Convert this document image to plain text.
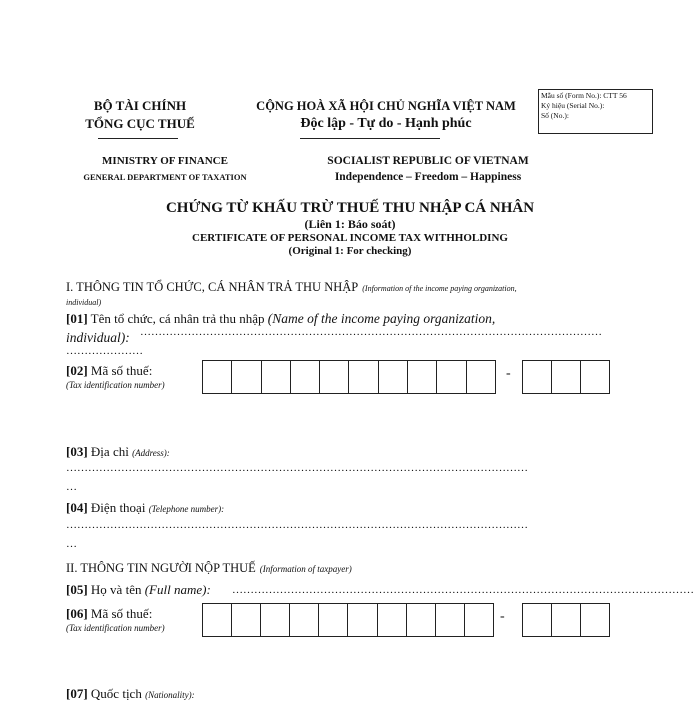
BỘ TÀI CHÍNH
TỔNG CỤC THUẾ
CỘNG HOÀ XÃ HỘI CHỦ NGHĨA VIỆT NAM
Độc lập - Tự do - Hạnh phúc
Mẫu số (Form No.): CTT 56
Ký hiệu (Serial No.):
Số (No.):
MINISTRY OF FINANCE
GENERAL DEPARTMENT OF TAXATION
SOCIALIST REPUBLIC OF VIETNAM
Independence – Freedom – Happiness
CHỨNG TỪ KHẤU TRỪ THUẾ THU NHẬP CÁ NHÂN
(Liên 1: Báo soát)
CERTIFICATE OF PERSONAL INCOME TAX WITHHOLDING
(Original 1: For checking)
I. THÔNG TIN TỔ CHỨC, CÁ NHÂN TRẢ THU NHẬP (Information of the income paying organization,
individual)
[01] Tên tổ chức, cá nhân trả thu nhập (Name of the income paying organization,
individual): ………………………………………………………………………………………………………………
…………………
[02] Mã số thuế:
(Tax identification number)
-
[03] Địa chỉ (Address):
………………………………………………………………………………………………………………
…
[04] Điện thoại (Telephone number):
………………………………………………………………………………………………………………
…
II. THÔNG TIN NGƯỜI NỘP THUẾ (Information of taxpayer)
[05] Họ và tên (Full name): ………………………………………………………………………………………………………………
[06] Mã số thuế:
(Tax identification number)
-
[07] Quốc tịch (Nationality):
